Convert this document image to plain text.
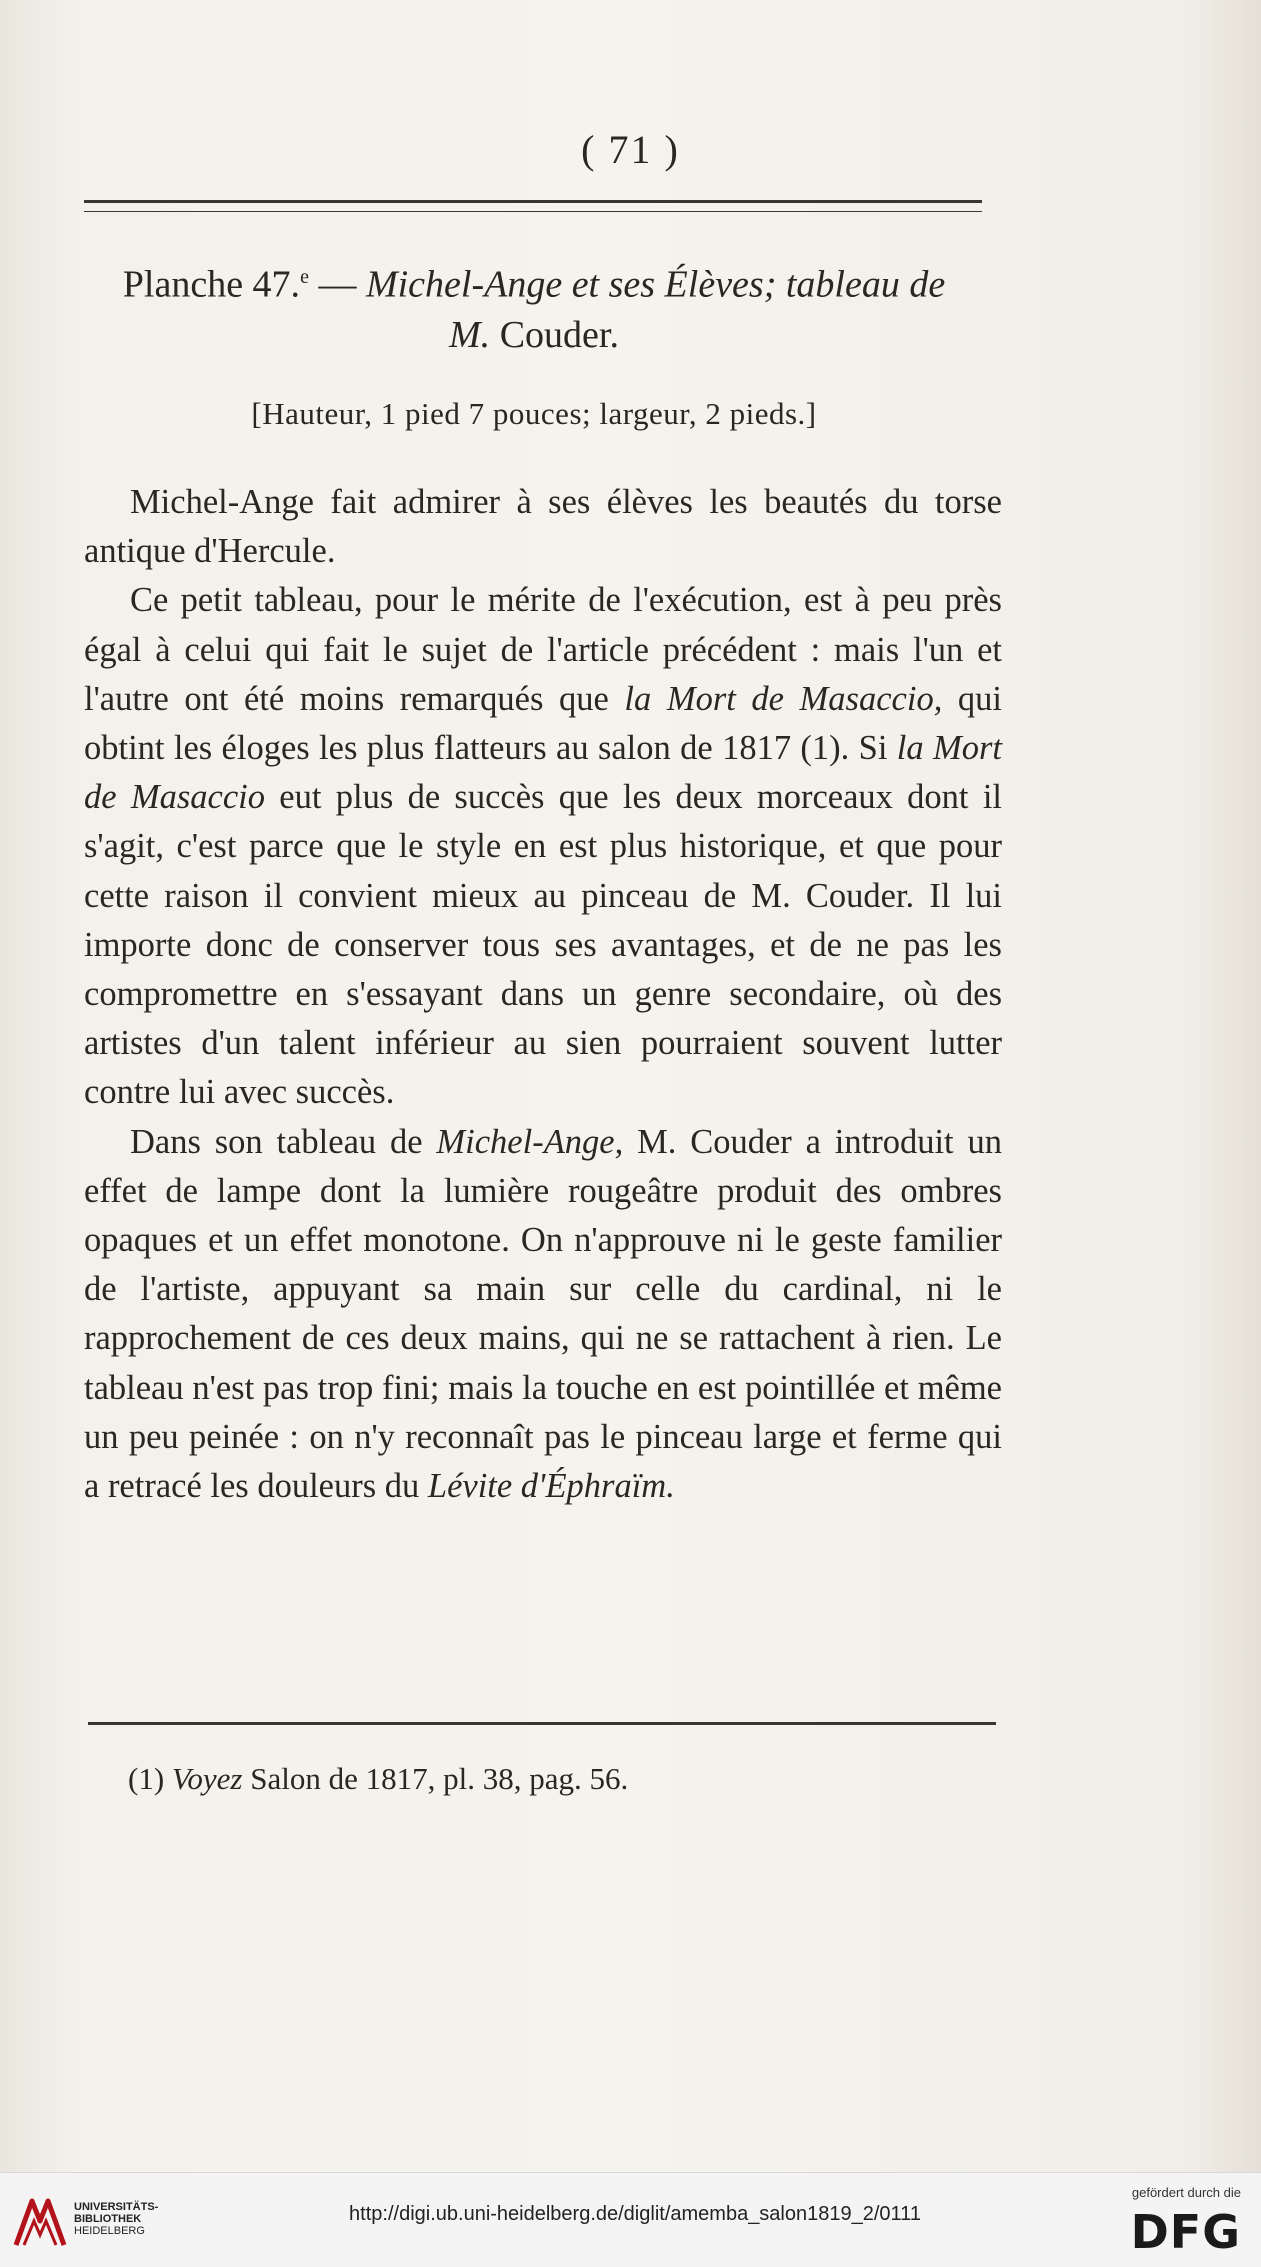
( 71 )
Planche 47.$^e$ — Michel-Ange et ses Élèves; tableau de
M. Couder.
[Hauteur, 1 pied 7 pouces; largeur, 2 pieds.]

Michel-Ange fait admirer à ses élèves les beautés du torse antique d'Hercule.

Ce petit tableau, pour le mérite de l'exécution, est à peu près égal à celui qui fait le sujet de l'article précédent : mais l'un et l'autre ont été moins remarqués que la Mort de Masaccio, qui obtint les éloges les plus flatteurs au salon de 1817 (1). Si la Mort de Masaccio eut plus de succès que les deux morceaux dont il s'agit, c'est parce que le style en est plus historique, et que pour cette raison il convient mieux au pinceau de M. Couder. Il lui importe donc de conserver tous ses avantages, et de ne pas les compromettre en s'essayant dans un genre secondaire, où des artistes d'un talent inférieur au sien pourraient souvent lutter contre lui avec succès.

Dans son tableau de Michel-Ange, M. Couder a introduit un effet de lampe dont la lumière rougeâtre produit des ombres opaques et un effet monotone. On n'approuve ni le geste familier de l'artiste, appuyant sa main sur celle du cardinal, ni le rapprochement de ces deux mains, qui ne se rattachent à rien. Le tableau n'est pas trop fini; mais la touche en est pointillée et même un peu peinée : on n'y reconnaît pas le pinceau large et ferme qui a retracé les douleurs du Lévite d'Éphraïm.

(1) Voyez Salon de 1817, pl. 38, pag. 56.
UNIVERSITÄTS-
BIBLIOTHEK
HEIDELBERG
http://digi.ub.uni-heidelberg.de/diglit/amemba_salon1819_2/0111
gefördert durch die
DFG
